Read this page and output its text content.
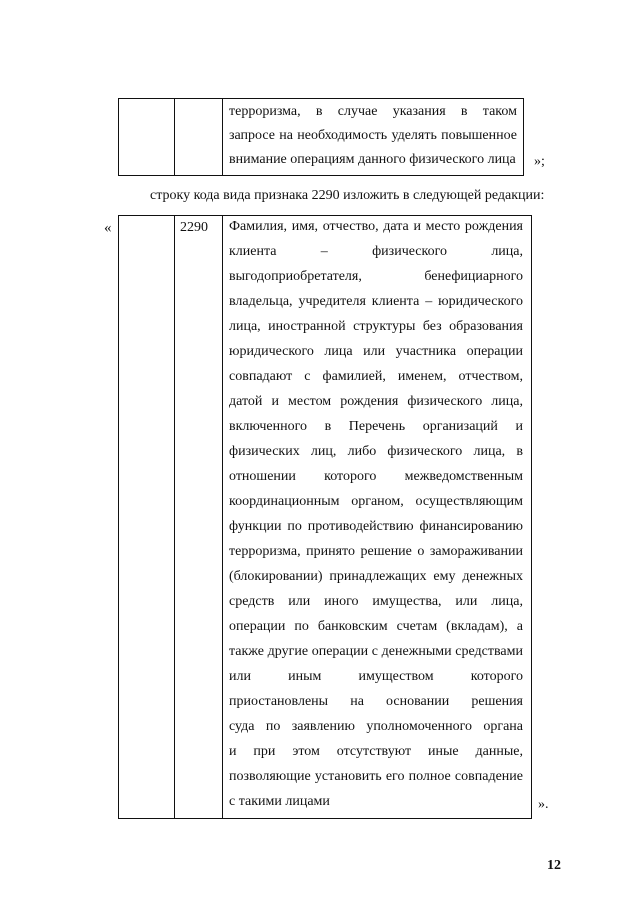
терроризма, в случае указания в таком
запросе на необходимость уделять повышенное
внимание операциям данного физического лица »;
строку кода вида признака 2290 изложить в следующей редакции:
«	2290 Фамилия, имя, отчество, дата и место рождения
клиента – физического лица,
выгодоприобретателя, бенефициарного
владельца, учредителя клиента – юридического
лица, иностранной структуры без образования
юридического лица или участника операции
совпадают с фамилией, именем, отчеством,
датой и местом рождения физического лица,
включенного в Перечень организаций и
физических лиц, либо физического лица, в
отношении которого межведомственным
координационным органом, осуществляющим
функции по противодействию финансированию
терроризма, принято решение о замораживании
(блокировании) принадлежащих ему денежных
средств или иного имущества, или лица,
операции по банковским счетам (вкладам), а
также другие операции с денежными средствами
или иным имуществом которого
приостановлены на основании решения
суда по заявлению уполномоченного органа
и при этом отсутствуют иные данные,
позволяющие установить его полное совпадение
с такими лицами	».
12
